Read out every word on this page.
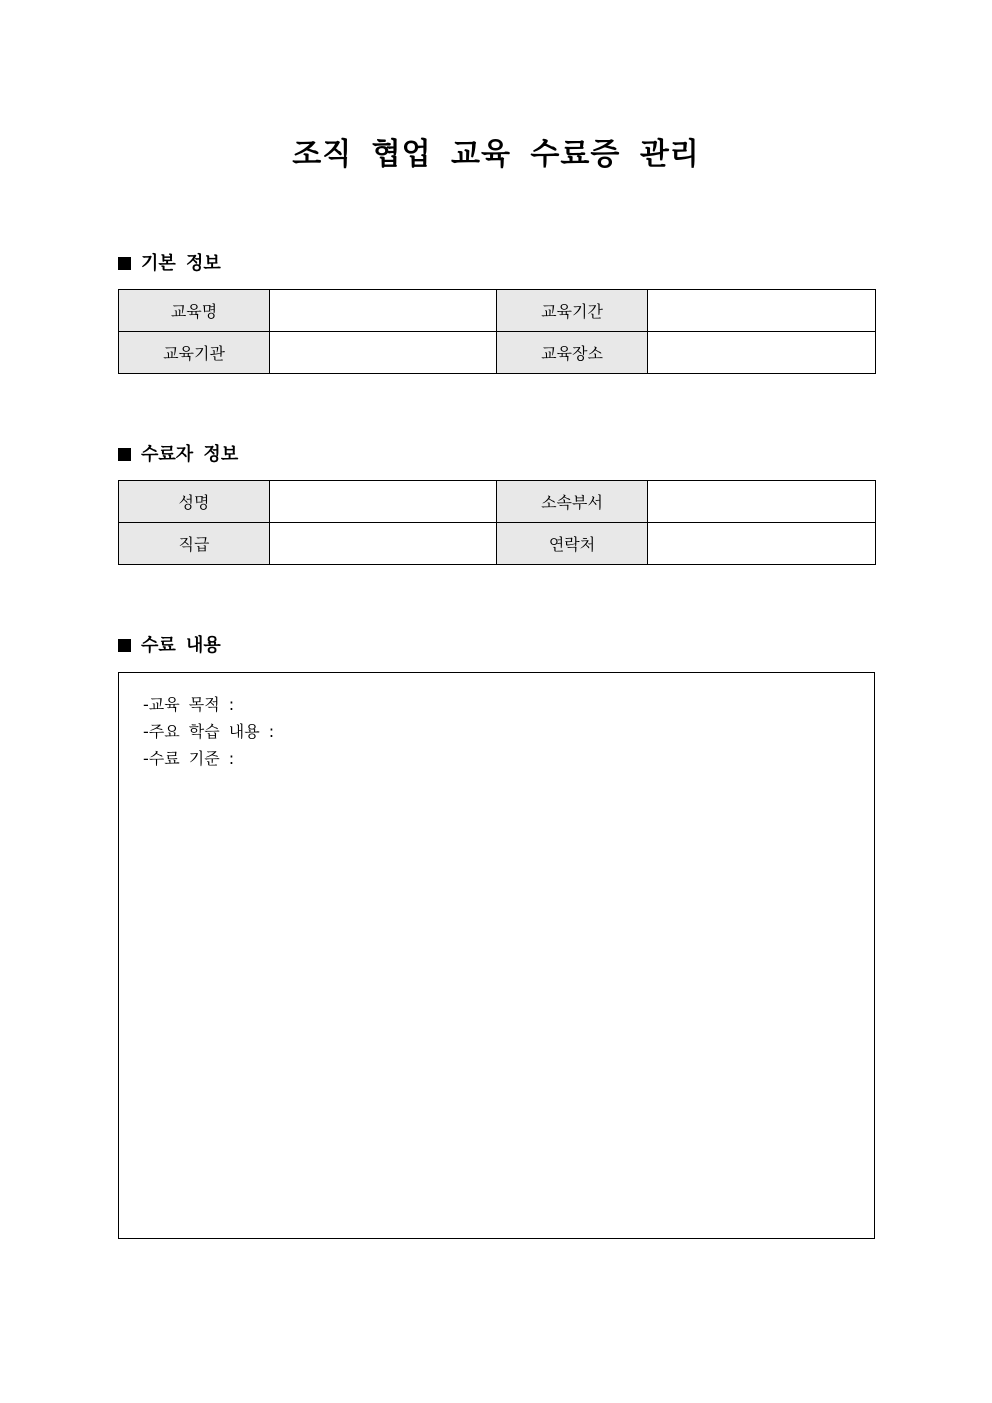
조직 협업 교육 수료증 관리
기본 정보
교육명		교육기간	
교육기관		교육장소	
수료자 정보
성명		소속부서	
직급		연락처	
수료 내용
-교육 목적 :
-주요 학습 내용 :
-수료 기준 :
